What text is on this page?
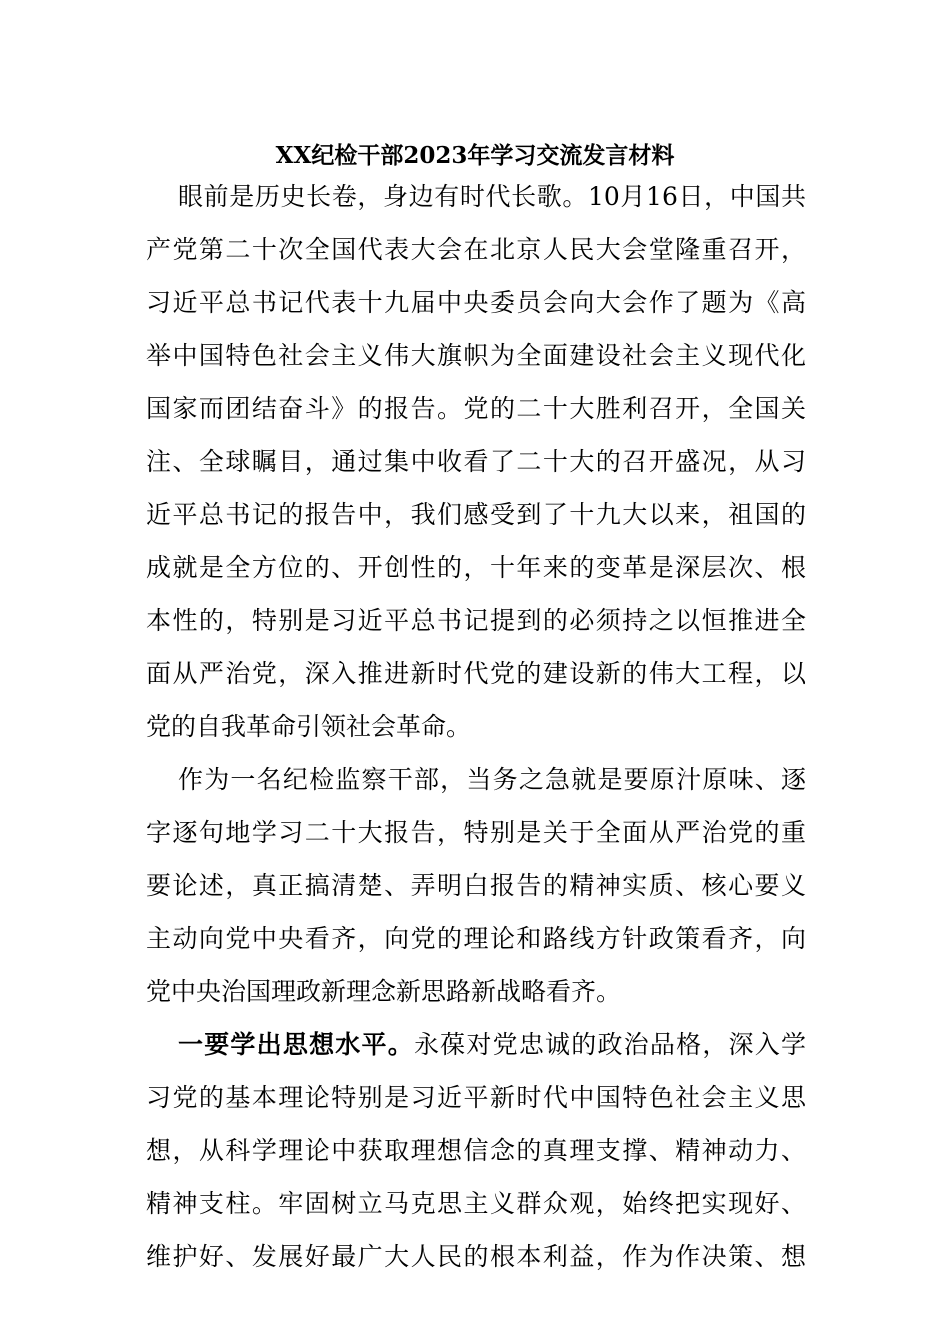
XX纪检干部2023年学习交流发言材料

眼前是历史长卷，身边有时代长歌。10月16日，中国共

产党第二十次全国代表大会在北京人民大会堂隆重召开，

习近平总书记代表十九届中央委员会向大会作了题为《高

举中国特色社会主义伟大旗帜为全面建设社会主义现代化

国家而团结奋斗》的报告。党的二十大胜利召开，全国关

注、全球瞩目，通过集中收看了二十大的召开盛况，从习

近平总书记的报告中，我们感受到了十九大以来，祖国的

成就是全方位的、开创性的，十年来的变革是深层次、根

本性的，特别是习近平总书记提到的必须持之以恒推进全

面从严治党，深入推进新时代党的建设新的伟大工程，以

党的自我革命引领社会革命。

作为一名纪检监察干部，当务之急就是要原汁原味、逐

字逐句地学习二十大报告，特别是关于全面从严治党的重

要论述，真正搞清楚、弄明白报告的精神实质、核心要义

主动向党中央看齐，向党的理论和路线方针政策看齐，向

党中央治国理政新理念新思路新战略看齐。

一要学出思想水平。永葆对党忠诚的政治品格，深入学

习党的基本理论特别是习近平新时代中国特色社会主义思

想，从科学理论中获取理想信念的真理支撑、精神动力、

精神支柱。牢固树立马克思主义群众观，始终把实现好、

维护好、发展好最广大人民的根本利益，作为作决策、想
